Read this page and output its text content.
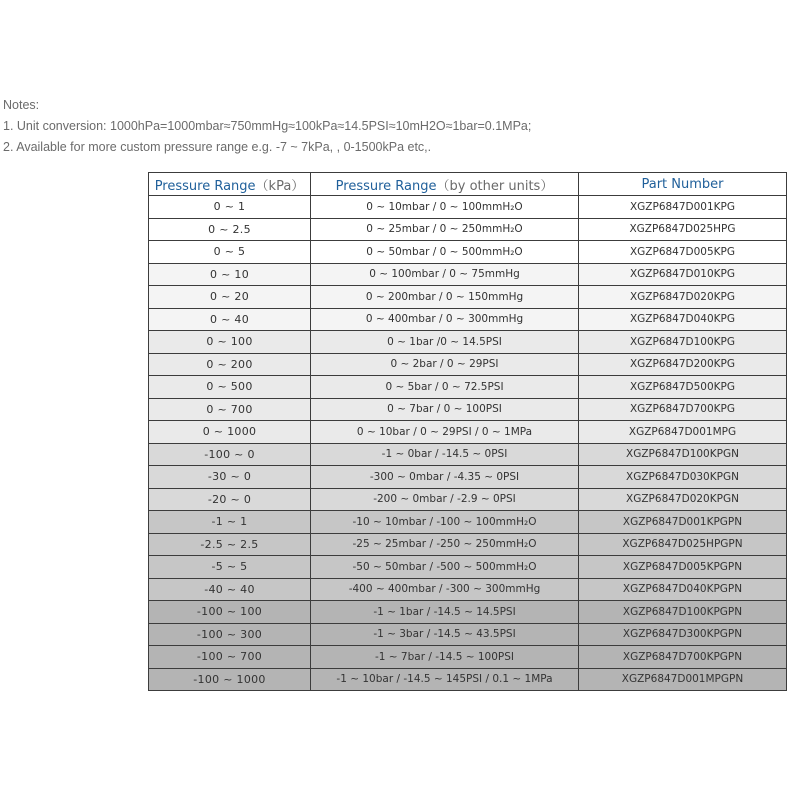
Notes:
1. Unit conversion: 1000hPa=1000mbar≈750mmHg≈100kPa≈14.5PSI≈10mH2O≈1bar=0.1MPa;
2. Available for more custom pressure range e.g. -7 ~ 7kPa, , 0-1500kPa etc,.
Pressure Range（kPa）	Pressure Range（by other units）	Part Number
0 ~ 1	0 ~ 10mbar / 0 ~ 100mmH₂O	XGZP6847D001KPG
0 ~ 2.5	0 ~ 25mbar / 0 ~ 250mmH₂O	XGZP6847D025HPG
0 ~ 5	0 ~ 50mbar / 0 ~ 500mmH₂O	XGZP6847D005KPG
0 ~ 10	0 ~ 100mbar / 0 ~ 75mmHg	XGZP6847D010KPG
0 ~ 20	0 ~ 200mbar / 0 ~ 150mmHg	XGZP6847D020KPG
0 ~ 40	0 ~ 400mbar / 0 ~ 300mmHg	XGZP6847D040KPG
0 ~ 100	0 ~ 1bar /0 ~ 14.5PSI	XGZP6847D100KPG
0 ~ 200	0 ~ 2bar / 0 ~ 29PSI	XGZP6847D200KPG
0 ~ 500	0 ~ 5bar / 0 ~ 72.5PSI	XGZP6847D500KPG
0 ~ 700	0 ~ 7bar / 0 ~ 100PSI	XGZP6847D700KPG
0 ~ 1000	0 ~ 10bar / 0 ~ 29PSI / 0 ~ 1MPa	XGZP6847D001MPG
-100 ~ 0	-1 ~ 0bar / -14.5 ~ 0PSI	XGZP6847D100KPGN
-30 ~ 0	-300 ~ 0mbar / -4.35 ~ 0PSI	XGZP6847D030KPGN
-20 ~ 0	-200 ~ 0mbar / -2.9 ~ 0PSI	XGZP6847D020KPGN
-1 ~ 1	-10 ~ 10mbar / -100 ~ 100mmH₂O	XGZP6847D001KPGPN
-2.5 ~ 2.5	-25 ~ 25mbar / -250 ~ 250mmH₂O	XGZP6847D025HPGPN
-5 ~ 5	-50 ~ 50mbar / -500 ~ 500mmH₂O	XGZP6847D005KPGPN
-40 ~ 40	-400 ~ 400mbar / -300 ~ 300mmHg	XGZP6847D040KPGPN
-100 ~ 100	-1 ~ 1bar / -14.5 ~ 14.5PSI	XGZP6847D100KPGPN
-100 ~ 300	-1 ~ 3bar / -14.5 ~ 43.5PSI	XGZP6847D300KPGPN
-100 ~ 700	-1 ~ 7bar / -14.5 ~ 100PSI	XGZP6847D700KPGPN
-100 ~ 1000	-1 ~ 10bar / -14.5 ~ 145PSI / 0.1 ~ 1MPa	XGZP6847D001MPGPN
